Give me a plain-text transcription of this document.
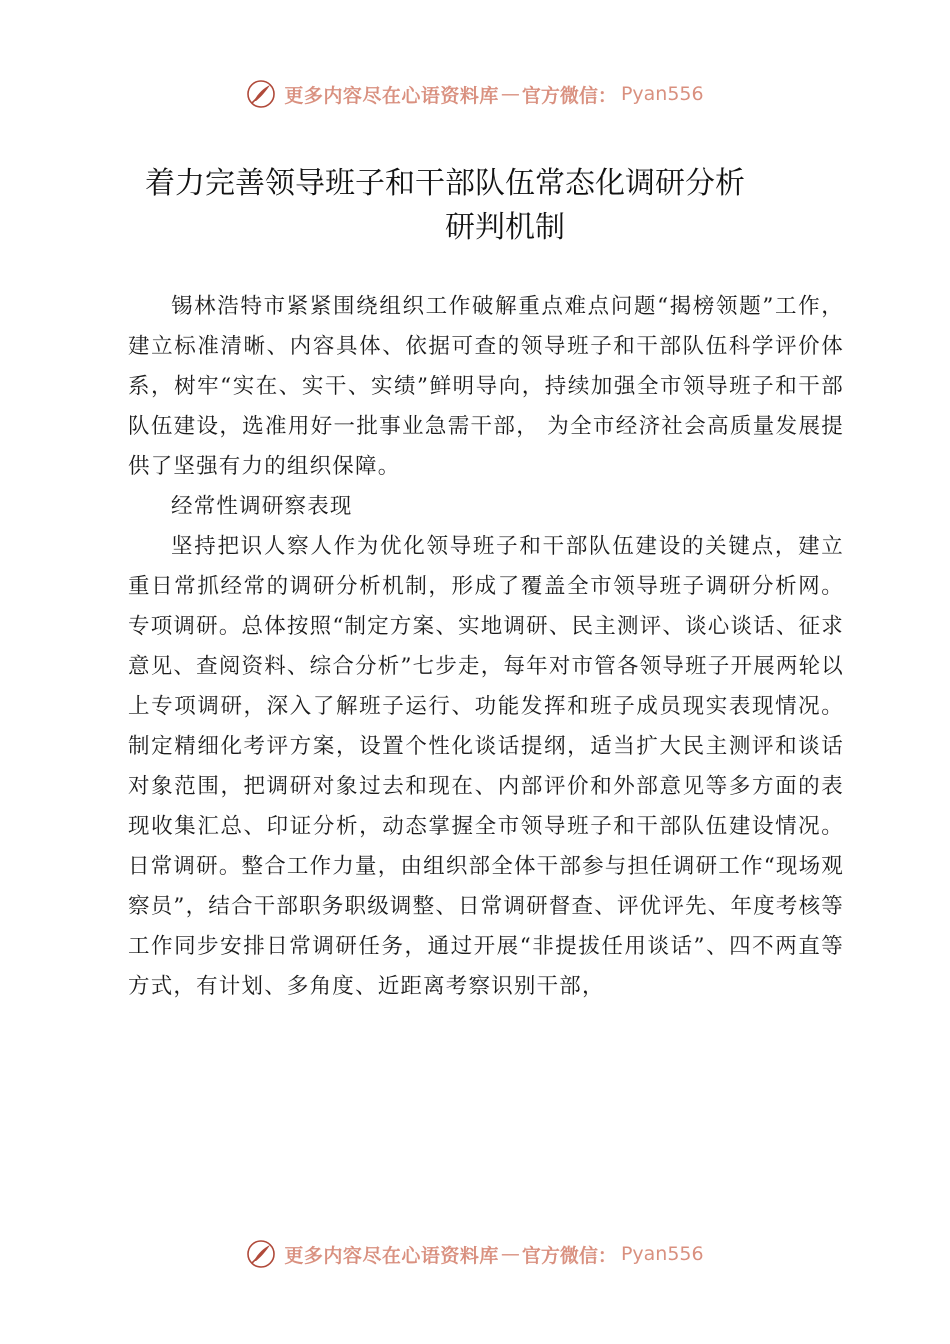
更多内容尽在心语资料库 — 官方微信： Pyan556
着力完善领导班子和干部队伍常态化调研分析
研判机制

锡林浩特市紧紧围绕组织工作破解重点难点问题“揭榜领题”工作，建立标准清晰、内容具体、依据可查的领导班子和干部队伍科学评价体系，树牢“实在、实干、实绩”鲜明导向，持续加强全市领导班子和干部队伍建设，选准用好一批事业急需干部， 为全市经济社会高质量发展提供了坚强有力的组织保障。

经常性调研察表现

坚持把识人察人作为优化领导班子和干部队伍建设的关键点，建立重日常抓经常的调研分析机制，形成了覆盖全市领导班子调研分析网。专项调研。总体按照“制定方案、实地调研、民主测评、谈心谈话、征求意见、查阅资料、综合分析”七步走，每年对市管各领导班子开展两轮以上专项调研，深入了解班子运行、功能发挥和班子成员现实表现情况。制定精细化考评方案，设置个性化谈话提纲，适当扩大民主测评和谈话对象范围，把调研对象过去和现在、内部评价和外部意见等多方面的表现收集汇总、印证分析，动态掌握全市领导班子和干部队伍建设情况。日常调研。整合工作力量，由组织部全体干部参与担任调研工作“现场观察员”，结合干部职务职级调整、日常调研督查、评优评先、年度考核等工作同步安排日常调研任务，通过开展“非提拔任用谈话”、四不两直等方式，有计划、多角度、近距离考察识别干部，

更多内容尽在心语资料库 — 官方微信： Pyan556
